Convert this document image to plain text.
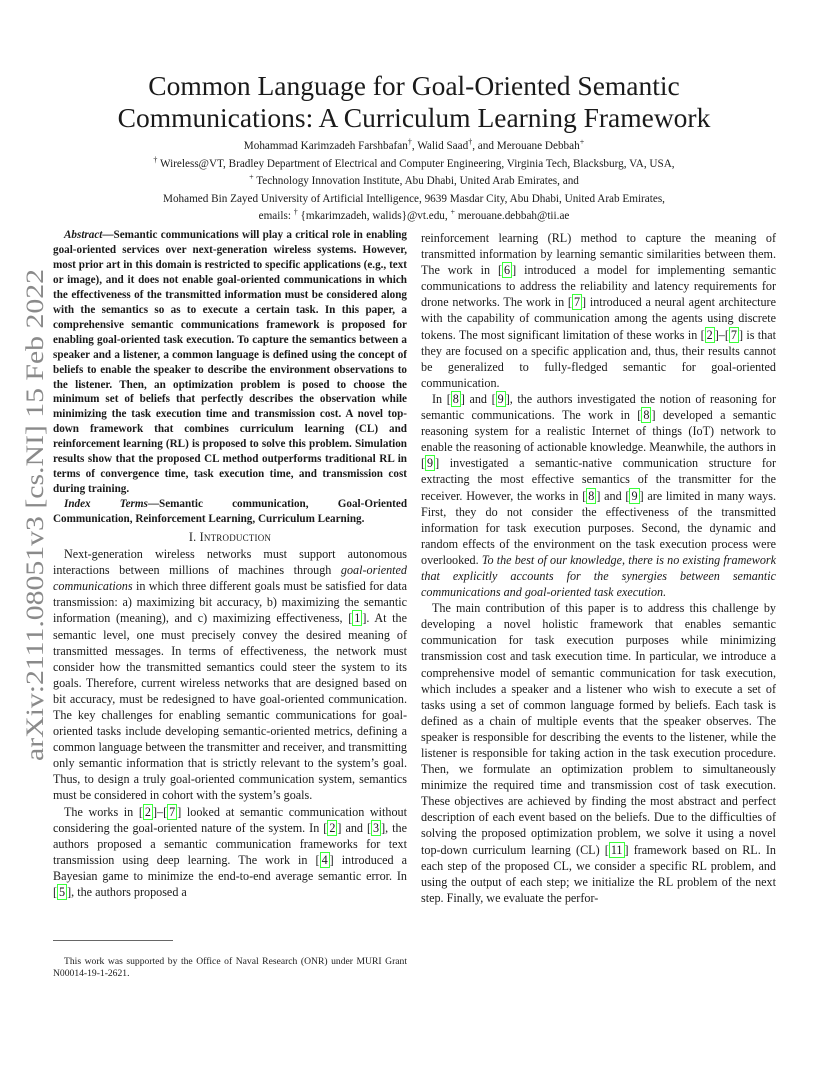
arXiv:2111.08051v3 [cs.NI] 15 Feb 2022
Common Language for Goal-Oriented Semantic
Communications: A Curriculum Learning Framework
Mohammad Karimzadeh Farshbafan†, Walid Saad†, and Merouane Debbah+
† Wireless@VT, Bradley Department of Electrical and Computer Engineering, Virginia Tech, Blacksburg, VA, USA,
+ Technology Innovation Institute, Abu Dhabi, United Arab Emirates, and
Mohamed Bin Zayed University of Artificial Intelligence, 9639 Masdar City, Abu Dhabi, United Arab Emirates,
emails: † {mkarimzadeh, walids}@vt.edu, + merouane.debbah@tii.ae

Abstract—Semantic communications will play a critical role in enabling goal-oriented services over next-generation wireless systems. However, most prior art in this domain is restricted to specific applications (e.g., text or image), and it does not enable goal-oriented communications in which the effectiveness of the transmitted information must be considered along with the semantics so as to execute a certain task. In this paper, a comprehensive semantic communications framework is proposed for enabling goal-oriented task execution. To capture the semantics between a speaker and a listener, a common language is defined using the concept of beliefs to enable the speaker to describe the environment observations to the listener. Then, an optimization problem is posed to choose the minimum set of beliefs that perfectly describes the observation while minimizing the task execution time and transmission cost. A novel top-down framework that combines curriculum learning (CL) and reinforcement learning (RL) is proposed to solve this problem. Simulation results show that the proposed CL method outperforms traditional RL in terms of convergence time, task execution time, and transmission cost during training.

Index Terms—Semantic communication, Goal-Oriented Communication, Reinforcement Learning, Curriculum Learning.

I. Introduction

Next-generation wireless networks must support autonomous interactions between millions of machines through goal-oriented communications in which three different goals must be satisfied for data transmission: a) maximizing bit accuracy, b) maximizing the semantic information (meaning), and c) maximizing effectiveness, [ 1 ]. At the semantic level, one must precisely convey the desired meaning of transmitted messages. In terms of effectiveness, the network must consider how the transmitted semantics could steer the system to its goals. Therefore, current wireless networks that are designed based on bit accuracy, must be redesigned to have goal-oriented communication. The key challenges for enabling semantic communications for goal-oriented tasks include developing semantic-oriented metrics, defining a common language between the transmitter and receiver, and transmitting only semantic information that is strictly relevant to the system’s goal. Thus, to design a truly goal-oriented communication system, semantics must be considered in cohort with the system’s goals.

The works in [ 2 ]–[ 7 ] looked at semantic communication without considering the goal-oriented nature of the system. In [ 2 ] and [ 3 ], the authors proposed a semantic communication frameworks for text transmission using deep learning. The work in [ 4 ] introduced a Bayesian game to minimize the end-to-end average semantic error. In [ 5 ], the authors proposed a

This work was supported by the Office of Naval Research (ONR) under MURI Grant N00014-19-1-2621.

reinforcement learning (RL) method to capture the meaning of transmitted information by learning semantic similarities between them. The work in [ 6 ] introduced a model for implementing semantic communications to address the reliability and latency requirements for drone networks. The work in [ 7 ] introduced a neural agent architecture with the capability of communication among the agents using discrete tokens. The most significant limitation of these works in [ 2 ]–[ 7 ] is that they are focused on a specific application and, thus, their results cannot be generalized to fully-fledged semantic for goal-oriented communication.

In [ 8 ] and [ 9 ], the authors investigated the notion of reasoning for semantic communications. The work in [ 8 ] developed a semantic reasoning system for a realistic Internet of things (IoT) network to enable the reasoning of actionable knowledge. Meanwhile, the authors in [ 9 ] investigated a semantic-native communication structure for extracting the most effective semantics of the transmitter for the receiver. However, the works in [ 8 ] and [ 9 ] are limited in many ways. First, they do not consider the effectiveness of the transmitted information for task execution purposes. Second, the dynamic and random effects of the environment on the task execution process were overlooked. To the best of our knowledge, there is no existing framework that explicitly accounts for the synergies between semantic communications and goal-oriented task execution.

The main contribution of this paper is to address this challenge by developing a novel holistic framework that enables semantic communication for task execution purposes while minimizing transmission cost and task execution time. In particular, we introduce a comprehensive model of semantic communication for task execution, which includes a speaker and a listener who wish to execute a set of tasks using a set of common language formed by beliefs. Each task is defined as a chain of multiple events that the speaker observes. The speaker is responsible for describing the events to the listener, while the listener is responsible for taking action in the task execution procedure. Then, we formulate an optimization problem to simultaneously minimize the required time and transmission cost of task execution. These objectives are achieved by finding the most abstract and perfect description of each event based on the beliefs. Due to the difficulties of solving the proposed optimization problem, we solve it using a novel top-down curriculum learning (CL) [ 11 ] framework based on RL. In each step of the proposed CL, we consider a specific RL problem, and using the output of each step; we initialize the RL problem of the next step. Finally, we evaluate the perfor-
